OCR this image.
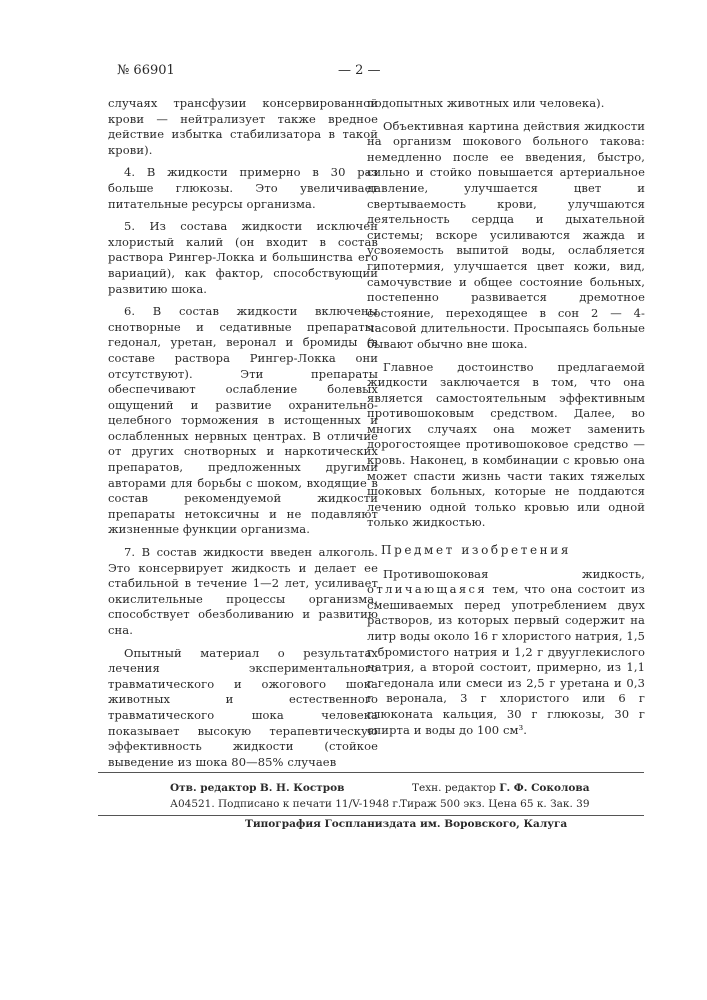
№ 66901	— 2 —

случаях трансфузии консервированной крови — нейтрализует также вредное действие избытка стабилизатора в такой крови).

4. В жидкости примерно в 30 раз больше глюкозы. Это увеличивает питательные ресурсы организма.

5. Из состава жидкости исключен хлористый калий (он входит в состав раствора Рингер-Локка и большинства его вариаций), как фактор, способствующий развитию шока.

6. В состав жидкости включены снотворные и седативные препараты: гедонал, уретан, веронал и бромиды (в составе раствора Рингер-Локка они отсутствуют). Эти препараты обеспечивают ослабление болевых ощущений и развитие охранительно-целебного торможения в истощенных и ослабленных нервных центрах. В отличие от других снотворных и наркотических препаратов, предложенных другими авторами для борьбы с шоком, входящие в состав рекомендуемой жидкости препараты нетоксичны и не подавляют жизненные функции организма.

7. В состав жидкости введен алкоголь. Это консервирует жидкость и делает ее стабильной в течение 1—2 лет, усиливает окислительные процессы организма, способствует обезболиванию и развитию сна.

Опытный материал о результатах лечения экспериментального травматического и ожогового шока животных и естественного травматического шока человека показывает высокую терапевтическую эффективность жидкости (стойкое выведение из шока 80—85% случаев

подопытных животных или человека).

Объективная картина действия жидкости на организм шокового больного такова: немедленно после ее введения, быстро, сильно и стойко повышается артериальное давление, улучшается цвет и свертываемость крови, улучшаются деятельность сердца и дыхательной системы; вскоре усиливаются жажда и усвояемость выпитой воды, ослабляется гипотермия, улучшается цвет кожи, вид, самочувствие и общее состояние больных, постепенно развивается дремотное состояние, переходящее в сон 2 — 4-часовой длительности. Просыпаясь больные бывают обычно вне шока.

Главное достоинство предлагаемой жидкости заключается в том, что она является самостоятельным эффективным противошоковым средством. Далее, во многих случаях она может заменить дорогостоящее противошоковое средство — кровь. Наконец, в комбинации с кровью она может спасти жизнь части таких тяжелых шоковых больных, которые не поддаются лечению одной только кровью или одной только жидкостью.

Предмет изобретения

Противошоковая жидкость, отличающаяся тем, что она состоит из смешиваемых перед употреблением двух растворов, из которых первый содержит на литр воды около 16 г хлористого натрия, 1,5 г бромистого натрия и 1,2 г двууглекислого натрия, а второй состоит, примерно, из 1,1 г гедонала или смеси из 2,5 г уретана и 0,3 г веронала, 3 г хлористого или 6 г глюконата кальция, 30 г глюкозы, 30 г спирта и воды до 100 см³.

Отв. редактор В. Н. Костров	Техн. редактор Г. Ф. Соколова
А04521. Подписано к печати 11/V-1948 г.
Тираж 500 экз. Цена 65 к. Зак. 39
Типография Госпланиздата им. Воровского, Калуга
